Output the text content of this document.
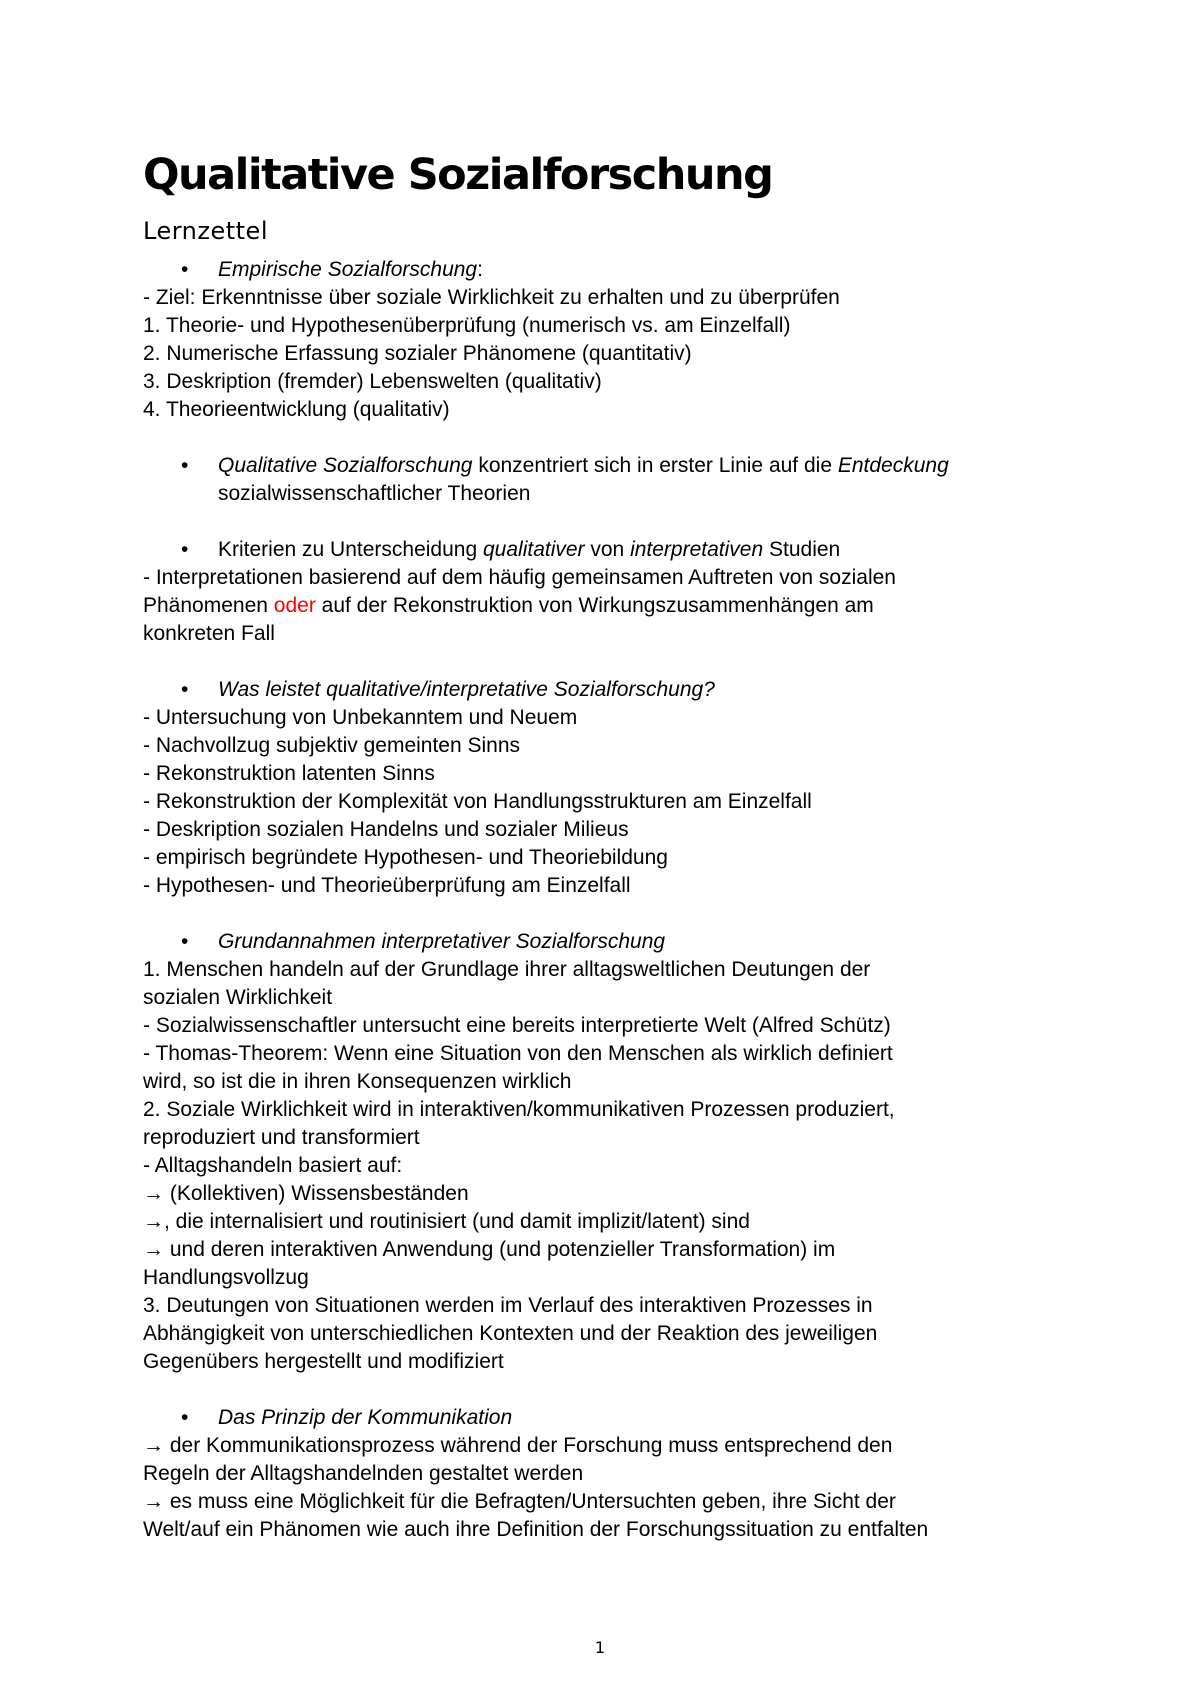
Qualitative Sozialforschung
Lernzettel
• Empirische Sozialforschung:
- Ziel: Erkenntnisse über soziale Wirklichkeit zu erhalten und zu überprüfen
1. Theorie- und Hypothesenüberprüfung (numerisch vs. am Einzelfall)
2. Numerische Erfassung sozialer Phänomene (quantitativ)
3. Deskription (fremder) Lebenswelten (qualitativ)
4. Theorieentwicklung (qualitativ)
• Qualitative Sozialforschung konzentriert sich in erster Linie auf die Entdeckung
sozialwissenschaftlicher Theorien
• Kriterien zu Unterscheidung qualitativer von interpretativen Studien
- Interpretationen basierend auf dem häufig gemeinsamen Auftreten von sozialen
Phänomenen oder auf der Rekonstruktion von Wirkungszusammenhängen am
konkreten Fall
• Was leistet qualitative/interpretative Sozialforschung?
- Untersuchung von Unbekanntem und Neuem
- Nachvollzug subjektiv gemeinten Sinns
- Rekonstruktion latenten Sinns
- Rekonstruktion der Komplexität von Handlungsstrukturen am Einzelfall
- Deskription sozialen Handelns und sozialer Milieus
- empirisch begründete Hypothesen- und Theoriebildung
- Hypothesen- und Theorieüberprüfung am Einzelfall
• Grundannahmen interpretativer Sozialforschung
1. Menschen handeln auf der Grundlage ihrer alltagsweltlichen Deutungen der
sozialen Wirklichkeit
- Sozialwissenschaftler untersucht eine bereits interpretierte Welt (Alfred Schütz)
- Thomas-Theorem: Wenn eine Situation von den Menschen als wirklich definiert
wird, so ist die in ihren Konsequenzen wirklich
2. Soziale Wirklichkeit wird in interaktiven/kommunikativen Prozessen produziert,
reproduziert und transformiert
- Alltagshandeln basiert auf:
→ (Kollektiven) Wissensbeständen
→, die internalisiert und routinisiert (und damit implizit/latent) sind
→ und deren interaktiven Anwendung (und potenzieller Transformation) im
Handlungsvollzug
3. Deutungen von Situationen werden im Verlauf des interaktiven Prozesses in
Abhängigkeit von unterschiedlichen Kontexten und der Reaktion des jeweiligen
Gegenübers hergestellt und modifiziert
• Das Prinzip der Kommunikation
→ der Kommunikationsprozess während der Forschung muss entsprechend den
Regeln der Alltagshandelnden gestaltet werden
→ es muss eine Möglichkeit für die Befragten/Untersuchten geben, ihre Sicht der
Welt/auf ein Phänomen wie auch ihre Definition der Forschungssituation zu entfalten
1
